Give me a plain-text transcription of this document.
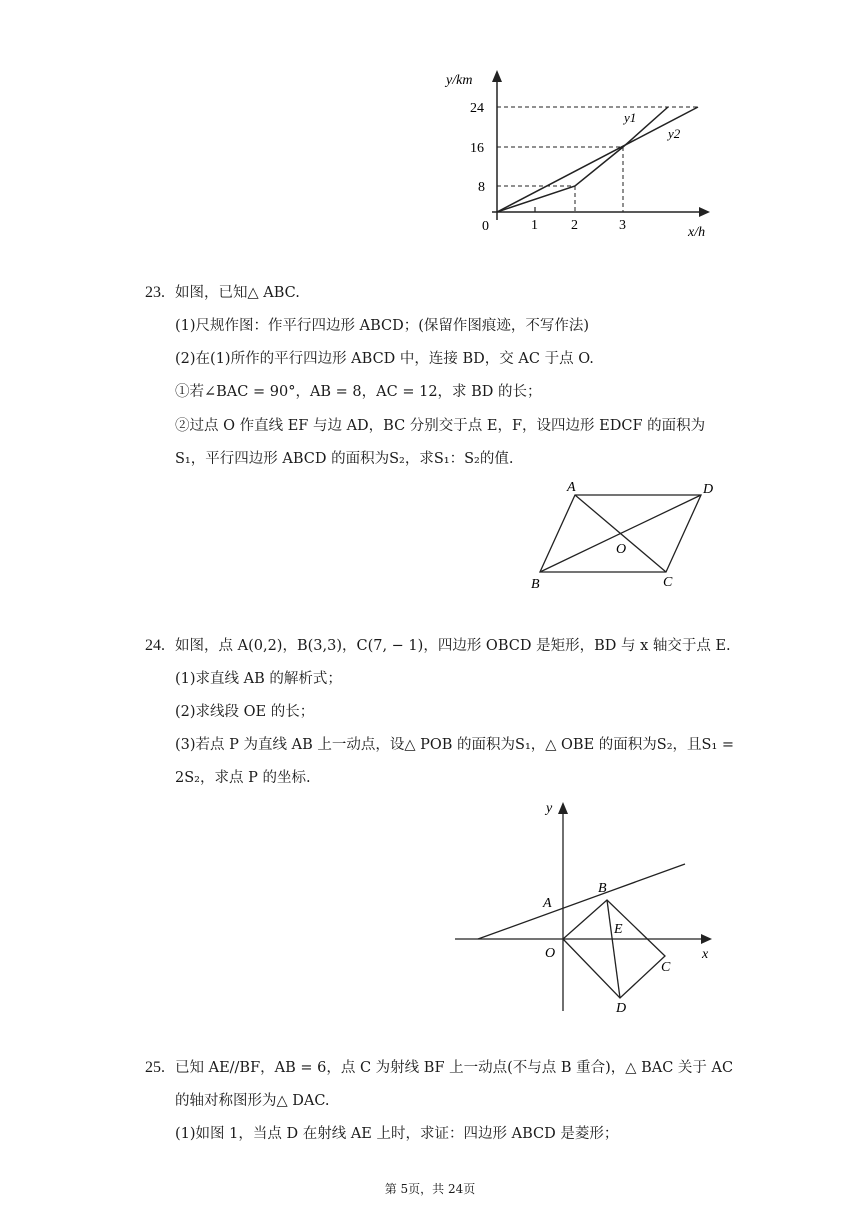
y/km
x/h
0	1 2	3
24
16
8
y1
y2
23. 如图，已知△ ABC.
(1)尺规作图：作平行四边形 ABCD；(保留作图痕迹，不写作法)
(2)在(1)所作的平行四边形 ABCD 中，连接 BD，交 AC 于点 O.
①若∠BAC = 90°，AB = 8，AC = 12，求 BD 的长；
②过点 O 作直线 EF 与边 AD，BC 分别交于点 E，F，设四边形 EDCF 的面积为
S₁，平行四边形 ABCD 的面积为S₂，求S₁：S₂的值.
A	D
O
B	C
24. 如图，点 A(0,2)，B(3,3)，C(7, − 1)，四边形 OBCD 是矩形，BD 与 x 轴交于点 E.
(1)求直线 AB 的解析式；
(2)求线段 OE 的长；
(3)若点 P 为直线 AB 上一动点，设△ POB 的面积为S₁，△ OBE 的面积为S₂，且S₁ =
2S₂，求点 P 的坐标.
y
x
A
B
E
O
C
D
25. 已知 AE//BF，AB = 6，点 C 为射线 BF 上一动点(不与点 B 重合)，△ BAC 关于 AC
的轴对称图形为△ DAC.
(1)如图 1，当点 D 在射线 AE 上时，求证：四边形 ABCD 是菱形；
第 5页，共 24页
